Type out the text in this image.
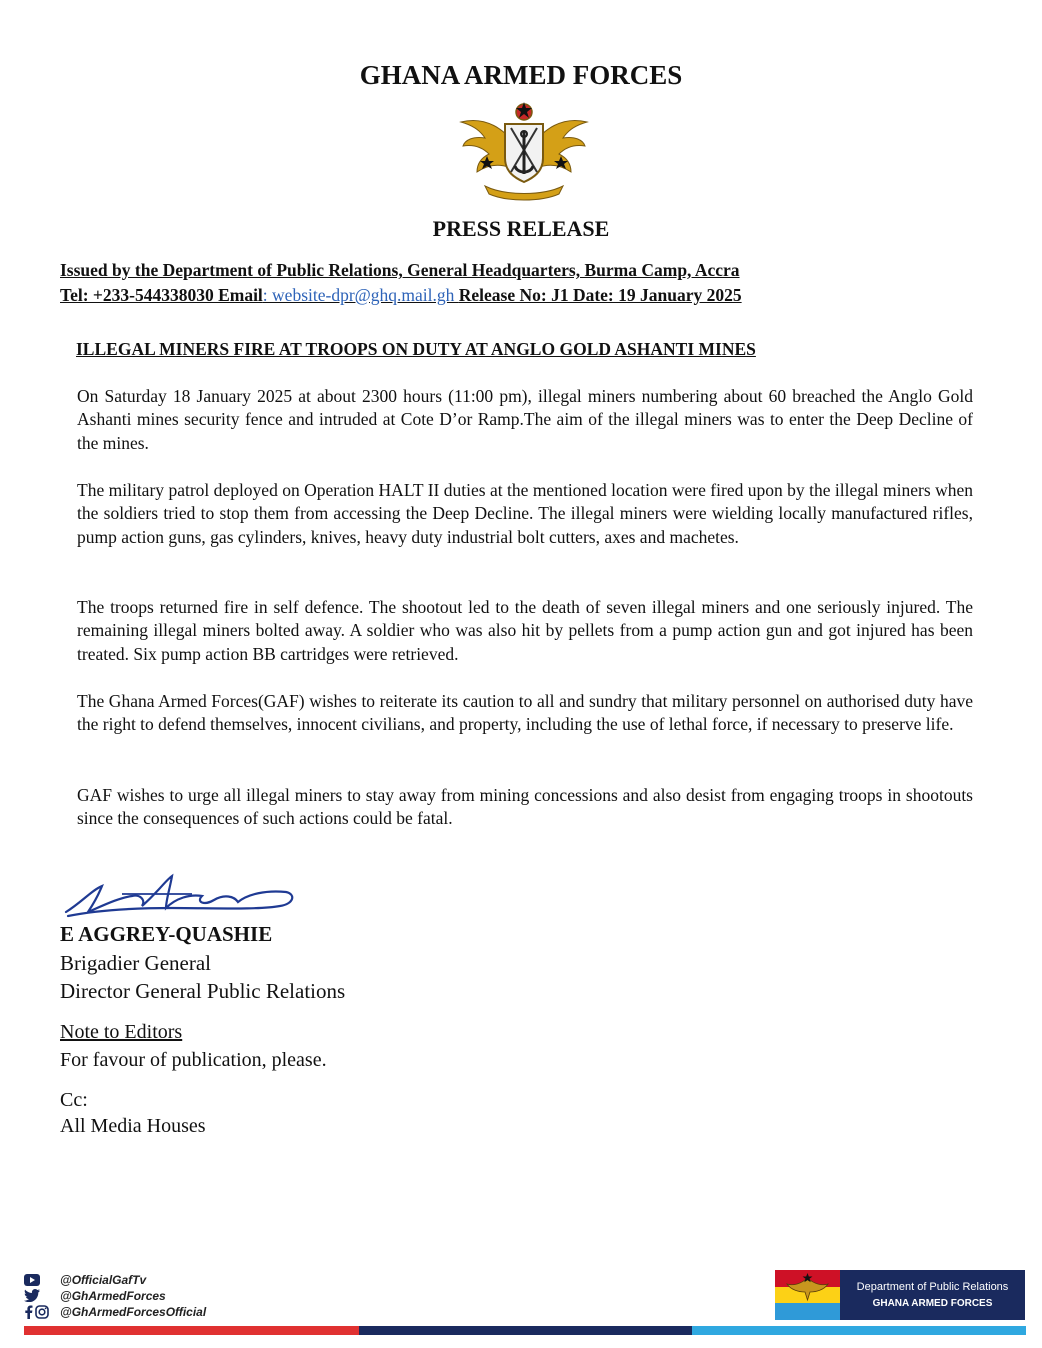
GHANA ARMED FORCES
PRESS RELEASE
Issued by the Department of Public Relations, General Headquarters, Burma Camp, Accra
Tel: +233-544338030 Email: website-dpr@ghq.mail.gh Release No: J1 Date: 19 January 2025
ILLEGAL MINERS FIRE AT TROOPS ON DUTY AT ANGLO GOLD ASHANTI MINES
On Saturday 18 January 2025 at about 2300 hours (11:00 pm), illegal miners numbering about 60 breached the Anglo Gold Ashanti mines security fence and intruded at Cote D’or Ramp.The aim of the illegal miners was to enter the Deep Decline of the mines.
The military patrol deployed on Operation HALT II duties at the mentioned location were fired upon by the illegal miners when the soldiers tried to stop them from accessing the Deep Decline. The illegal miners were wielding locally manufactured rifles, pump action guns, gas cylinders, knives, heavy duty industrial bolt cutters, axes and machetes.
The troops returned fire in self defence. The shootout led to the death of seven illegal miners and one seriously injured. The remaining illegal miners bolted away. A soldier who was also hit by pellets from a pump action gun and got injured has been treated. Six pump action BB cartridges were retrieved.
The Ghana Armed Forces(GAF) wishes to reiterate its caution to all and sundry that military personnel on authorised duty have the right to defend themselves, innocent civilians, and property, including the use of lethal force, if necessary to preserve life.
GAF wishes to urge all illegal miners to stay away from mining concessions and also desist from engaging troops in shootouts since the consequences of such actions could be fatal.
E AGGREY-QUASHIE
Brigadier General
Director General Public Relations
Note to Editors
For favour of publication, please.
Cc:
All Media Houses
@OfficialGafTv
@GhArmedForces
@GhArmedForcesOfficial
Department of Public Relations
GHANA ARMED FORCES
